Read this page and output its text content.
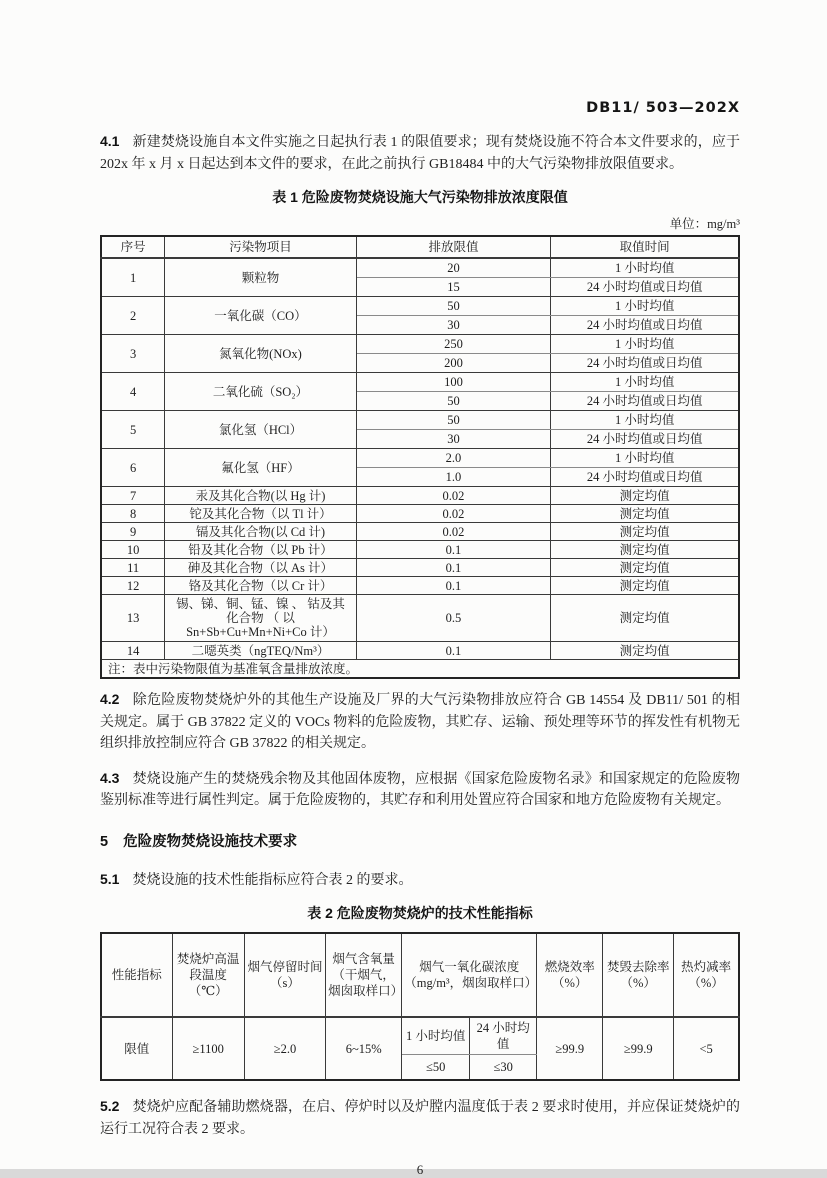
DB11/ 503—202X

4.1 新建焚烧设施自本文件实施之日起执行表 1 的限值要求；现有焚烧设施不符合本文件要求的，应于 202x 年 x 月 x 日起达到本文件的要求，在此之前执行 GB18484 中的大气污染物排放限值要求。

表 1 危险废物焚烧设施大气污染物排放浓度限值
单位：mg/m³
序号	污染物项目	排放限值	取值时间
1	颗粒物	20	1 小时均值
		15	24 小时均值或日均值
2	一氧化碳（CO）	50	1 小时均值
		30	24 小时均值或日均值
3	氮氧化物(NOx)	250	1 小时均值
		200	24 小时均值或日均值
4	二氧化硫（SO₂）	100	1 小时均值
		50	24 小时均值或日均值
5	氯化氢（HCl）	50	1 小时均值
		30	24 小时均值或日均值
6	氟化氢（HF）	2.0	1 小时均值
		1.0	24 小时均值或日均值
7	汞及其化合物(以 Hg 计)	0.02	测定均值
8	铊及其化合物（以 Tl 计）	0.02	测定均值
9	镉及其化合物(以 Cd 计)	0.02	测定均值
10	铅及其化合物（以 Pb 计）	0.1	测定均值
11	砷及其化合物（以 As 计）	0.1	测定均值
12	铬及其化合物（以 Cr 计）	0.1	测定均值
13	锡、锑、铜、锰、镍 、 钴及其化合物 （ 以 Sn+Sb+Cu+Mn+Ni+Co 计）	0.5	测定均值
14	二噁英类（ngTEQ/Nm³）	0.1	测定均值
注：表中污染物限值为基准氧含量排放浓度。			

4.2 除危险废物焚烧炉外的其他生产设施及厂界的大气污染物排放应符合 GB 14554 及 DB11/ 501 的相关规定。属于 GB 37822 定义的 VOCs 物料的危险废物，其贮存、运输、预处理等环节的挥发性有机物无组织排放控制应符合 GB 37822 的相关规定。

4.3 焚烧设施产生的焚烧残余物及其他固体废物，应根据《国家危险废物名录》和国家规定的危险废物鉴别标准等进行属性判定。属于危险废物的，其贮存和利用处置应符合国家和地方危险废物有关规定。

5 危险废物焚烧设施技术要求

5.1 焚烧设施的技术性能指标应符合表 2 的要求。

表 2 危险废物焚烧炉的技术性能指标
性能指标	焚烧炉高温段温度（℃）	烟气停留时间（s）	烟气含氧量（干烟气，烟囱取样口）	烟气一氧化碳浓度（mg/m³，烟囱取样口）		燃烧效率（%）	焚毁去除率（%）	热灼减率（%）
限值	≥1100	≥2.0	6~15%	1 小时均值	24 小时均值	≥99.9	≥99.9	<5
				≤50	≤30			

5.2 焚烧炉应配备辅助燃烧器，在启、停炉时以及炉膛内温度低于表 2 要求时使用，并应保证焚烧炉的运行工况符合表 2 要求。

6
